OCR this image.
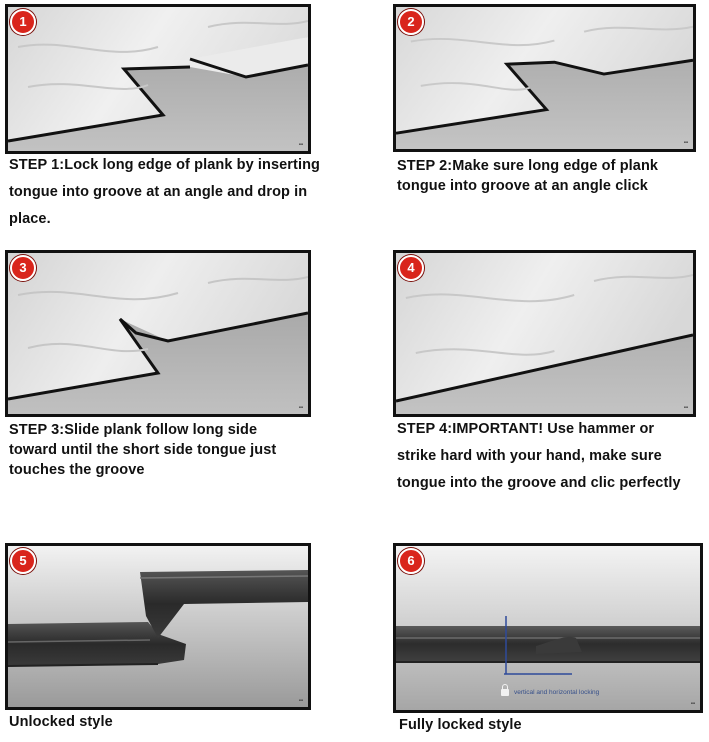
1
▪▪
STEP 1:Lock long edge of plank by inserting tongue into groove at an angle and drop in place.
2
▪▪
STEP 2:Make sure long edge of plank tongue into groove at an angle click
3
▪▪
STEP 3:Slide plank follow long side toward until the short side tongue just touches the groove
4
▪▪
STEP 4:IMPORTANT! Use hammer or strike hard with your hand, make sure tongue into the groove and clic perfectly
5
▪▪
Unlocked style
6
vertical and horizontal locking
▪▪
Fully locked style
